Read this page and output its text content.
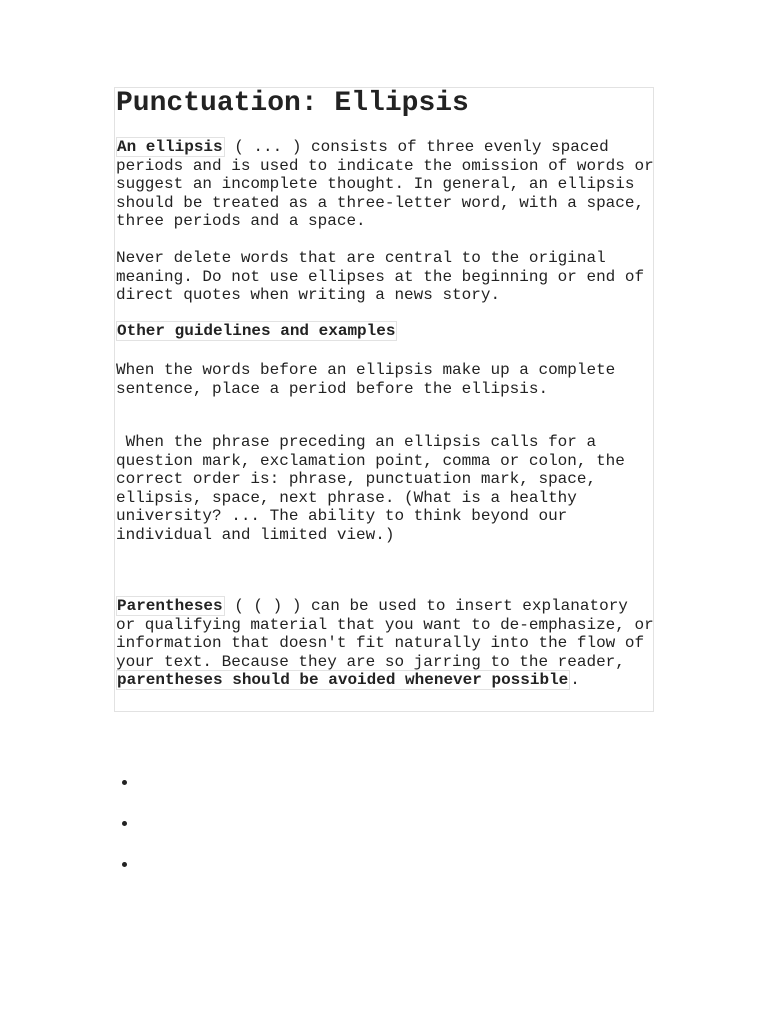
Punctuation: Ellipsis

An ellipsis ( ... ) consists of three evenly spaced periods and is used to indicate the omission of words or suggest an incomplete thought. In general, an ellipsis should be treated as a three-letter word, with a space, three periods and a space.

Never delete words that are central to the original meaning. Do not use ellipses at the beginning or end of direct quotes when writing a news story.

Other guidelines and examples

When the words before an ellipsis make up a complete sentence, place a period before the ellipsis.

When the phrase preceding an ellipsis calls for a question mark, exclamation point, comma or colon, the correct order is: phrase, punctuation mark, space, ellipsis, space, next phrase. (What is a healthy university? ... The ability to think beyond our individual and limited view.)

Parentheses ( ( ) ) can be used to insert explanatory or qualifying material that you want to de-emphasize, or information that doesn't fit naturally into the flow of your text. Because they are so jarring to the reader, parentheses should be avoided whenever possible .
